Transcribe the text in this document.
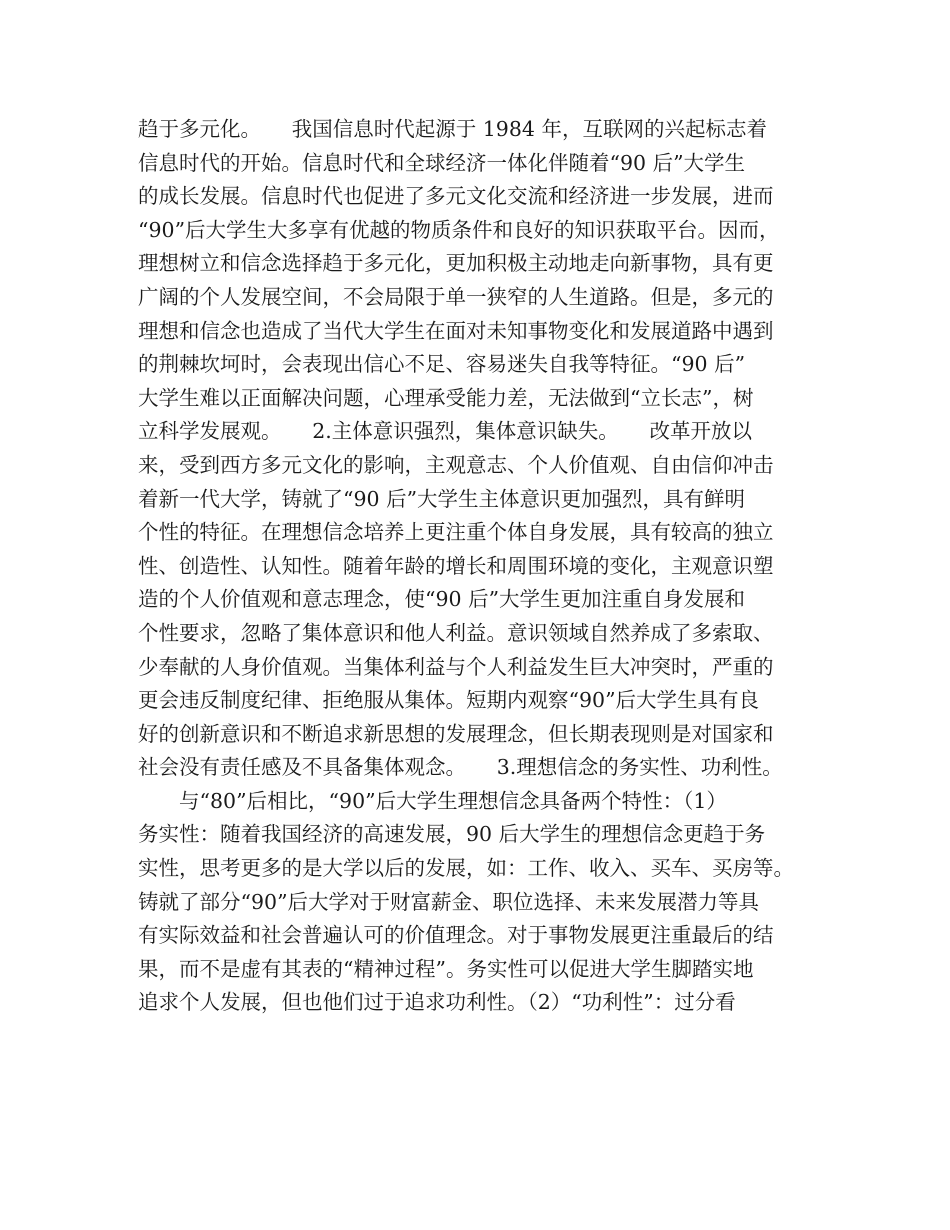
趋于多元化。　　我国信息时代起源于 1984 年，互联网的兴起标志着
信息时代的开始。信息时代和全球经济一体化伴随着“90 后”大学生
的成长发展。信息时代也促进了多元文化交流和经济进一步发展，进而
“90”后大学生大多享有优越的物质条件和良好的知识获取平台。因而，
理想树立和信念选择趋于多元化，更加积极主动地走向新事物，具有更
广阔的个人发展空间，不会局限于单一狭窄的人生道路。但是，多元的
理想和信念也造成了当代大学生在面对未知事物变化和发展道路中遇到
的荆棘坎坷时，会表现出信心不足、容易迷失自我等特征。“90 后”
大学生难以正面解决问题，心理承受能力差，无法做到“立长志”，树
立科学发展观。　　2.主体意识强烈，集体意识缺失。　　改革开放以
来，受到西方多元文化的影响，主观意志、个人价值观、自由信仰冲击
着新一代大学，铸就了“90 后”大学生主体意识更加强烈，具有鲜明
个性的特征。在理想信念培养上更注重个体自身发展，具有较高的独立
性、创造性、认知性。随着年龄的增长和周围环境的变化，主观意识塑
造的个人价值观和意志理念，使“90 后”大学生更加注重自身发展和
个性要求，忽略了集体意识和他人利益。意识领域自然养成了多索取、
少奉献的人身价值观。当集体利益与个人利益发生巨大冲突时，严重的
更会违反制度纪律、拒绝服从集体。短期内观察“90”后大学生具有良
好的创新意识和不断追求新思想的发展理念，但长期表现则是对国家和
社会没有责任感及不具备集体观念。　　3.理想信念的务实性、功利性。
　　与“80”后相比，“90”后大学生理想信念具备两个特性：（1）
务实性：随着我国经济的高速发展，90 后大学生的理想信念更趋于务
实性，思考更多的是大学以后的发展，如：工作、收入、买车、买房等。
铸就了部分“90”后大学对于财富薪金、职位选择、未来发展潜力等具
有实际效益和社会普遍认可的价值理念。对于事物发展更注重最后的结
果，而不是虚有其表的“精神过程”。务实性可以促进大学生脚踏实地
追求个人发展，但也他们过于追求功利性。（2）“功利性”：过分看
